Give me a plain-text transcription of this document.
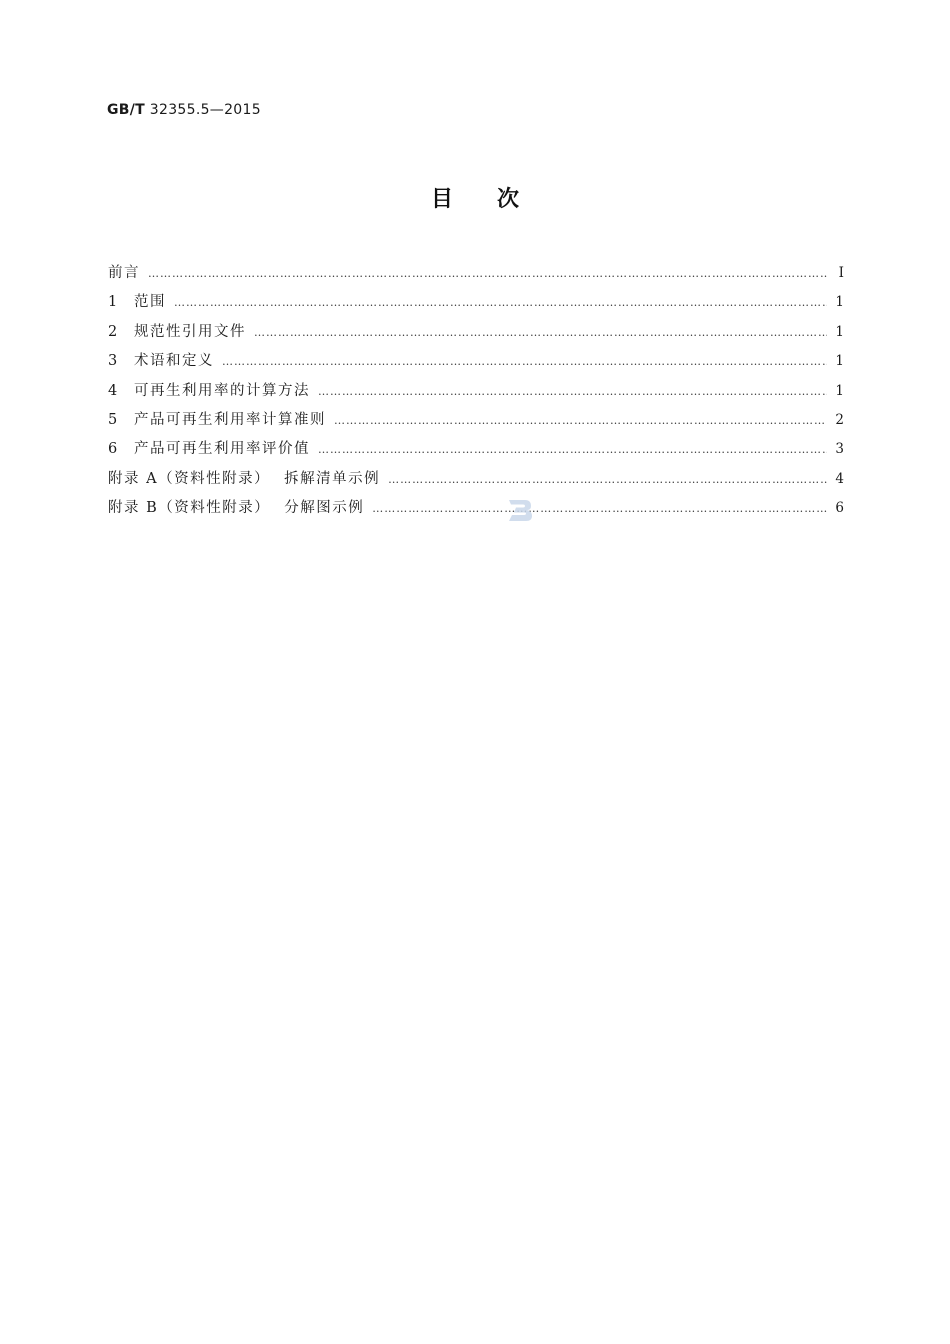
GB/T 32355.5—2015
目次
前言 …………………………………………………………………………………………………………………………………………………………………………………………………………………………………………	Ⅰ
1	范围 …………………………………………………………………………………………………………………………………………………………………………………………………………………………………………	1
2	规范性引用文件 …………………………………………………………………………………………………………………………………………………………………………………………………………………………………………	1
3	术语和定义 …………………………………………………………………………………………………………………………………………………………………………………………………………………………………………	1
4	可再生利用率的计算方法 …………………………………………………………………………………………………………………………………………………………………………………………………………………………………………	1
5	产品可再生利用率计算准则 …………………………………………………………………………………………………………………………………………………………………………………………………………………………………………	2
6	产品可再生利用率评价值 …………………………………………………………………………………………………………………………………………………………………………………………………………………………………………	3
附录 A（资料性附录） 拆解清单示例 …………………………………………………………………………………………………………………………………………………………………………………………………………………………………………	4
附录 B（资料性附录） 分解图示例 …………………………………………………………………………………………………………………………………………………………………………………………………………………………………………	6
